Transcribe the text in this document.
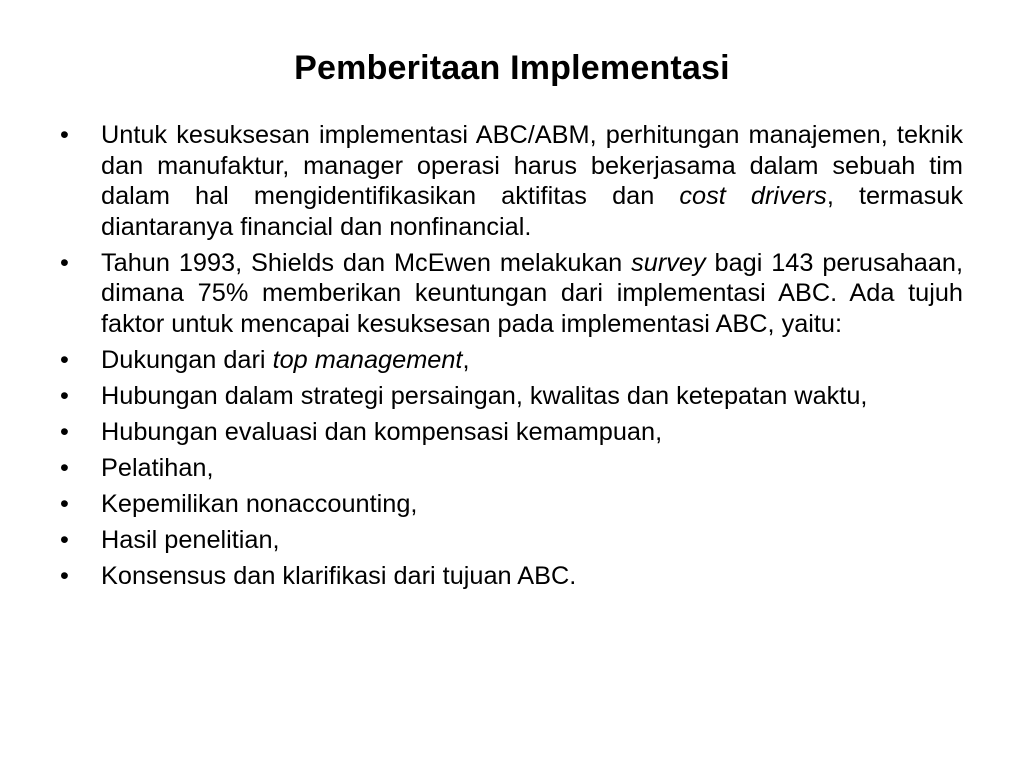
Pemberitaan Implementasi
•	Untuk kesuksesan implementasi ABC/ABM, perhitungan manajemen, teknik dan manufaktur, manager operasi harus bekerjasama dalam sebuah tim dalam hal mengidentifikasikan aktifitas dan cost drivers, termasuk diantaranya financial dan nonfinancial.
•	Tahun 1993, Shields dan McEwen melakukan survey bagi 143 perusahaan, dimana 75% memberikan keuntungan dari implementasi ABC. Ada tujuh faktor untuk mencapai kesuksesan pada implementasi ABC, yaitu:
•	Dukungan dari top management,
•	Hubungan dalam strategi persaingan, kwalitas dan ketepatan waktu,
•	Hubungan evaluasi dan kompensasi kemampuan,
•	Pelatihan,
•	Kepemilikan nonaccounting,
•	Hasil penelitian,
•	Konsensus dan klarifikasi dari tujuan ABC.
